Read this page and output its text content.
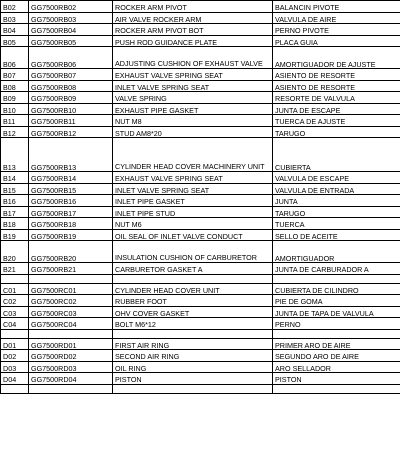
B02	GG7500RB02	ROCKER ARM PIVOT	BALANCIN PIVOTE
B03	GG7500RB03	AIR VALVE ROCKER ARM	VALVULA DE AIRE
B04	GG7500RB04	ROCKER ARM PIVOT BOT	PERNO PIVOTE
B05	GG7500RB05	PUSH ROD GUIDANCE PLATE	PLACA GUIA
B06	GG7500RB06	ADJUSTING CUSHION OF EXHAUST VALVE	AMORTIGUADOR DE AJUSTE
B07	GG7500RB07	EXHAUST VALVE SPRING SEAT	ASIENTO DE RESORTE
B08	GG7500RB08	INLET VALVE SPRING SEAT	ASIENTO DE RESORTE
B09	GG7500RB09	VALVE SPRING	RESORTE DE VALVULA
B10	GG7500RB10	EXHAUST PIPE GASKET	JUNTA DE ESCAPE
B11	GG7500RB11	NUT M8	TUERCA DE AJUSTE
B12	GG7500RB12	STUD AM8*20	TARUGO
B13	GG7500RB13	CYLINDER HEAD COVER MACHINERY UNIT	CUBIERTA
B14	GG7500RB14	EXHAUST VALVE SPRING SEAT	VALVULA DE ESCAPE
B15	GG7500RB15	INLET VALVE SPRING SEAT	VALVULA DE ENTRADA
B16	GG7500RB16	INLET PIPE GASKET	JUNTA
B17	GG7500RB17	INLET PIPE STUD	TARUGO
B18	GG7500RB18	NUT M6	TUERCA
B19	GG7500RB19	OIL SEAL OF INLET VALVE CONDUCT	SELLO DE ACEITE
B20	GG7500RB20	INSULATION CUSHION OF CARBURETOR	AMORTIGUADOR
B21	GG7500RB21	CARBURETOR GASKET A	JUNTA DE CARBURADOR A

C01	GG7500RC01	CYLINDER HEAD COVER UNIT	CUBIERTA DE CILINDRO
C02	GG7500RC02	RUBBER FOOT	PIE DE GOMA
C03	GG7500RC03	OHV COVER GASKET	JUNTA DE TAPA DE VALVULA
C04	GG7500RC04	BOLT M6*12	PERNO

D01	GG7500RD01	FIRST AIR RING	PRIMER ARO DE AIRE
D02	GG7500RD02	SECOND AIR RING	SEGUNDO ARO DE AIRE
D03	GG7500RD03	OIL RING	ARO SELLADOR
D04	GG7500RD04	PISTON	PISTON
